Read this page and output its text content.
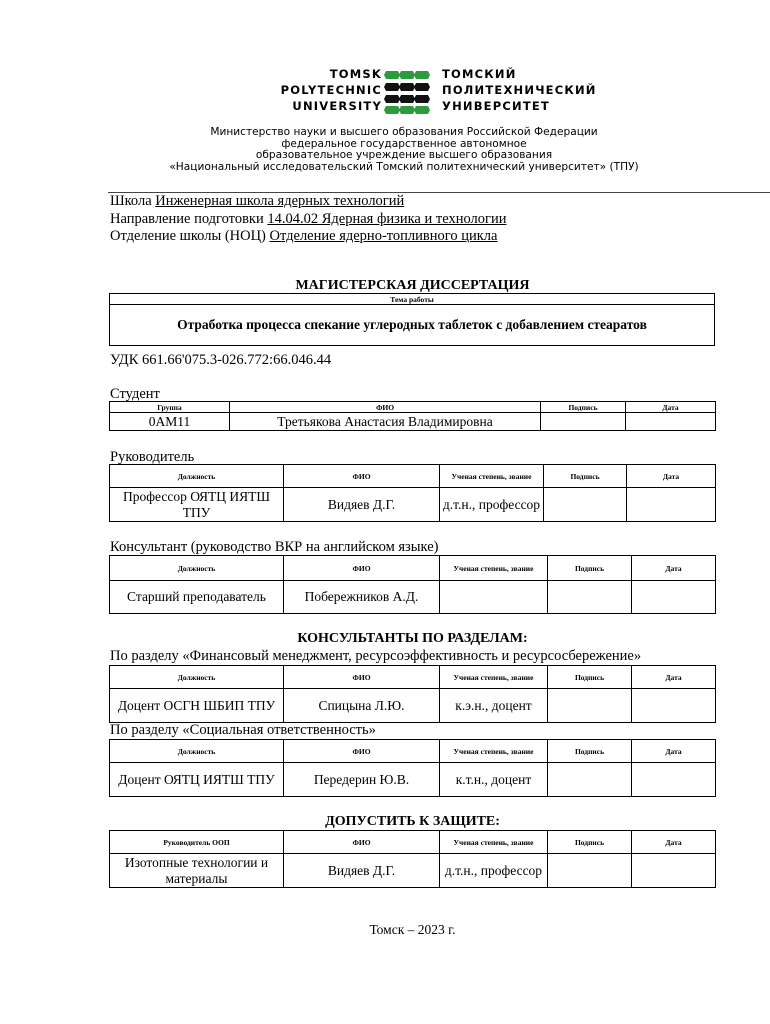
TOMSK
POLYTECHNIC
UNIVERSITY
ТОМСКИЙ
ПОЛИТЕХНИЧЕСКИЙ
УНИВЕРСИТЕТ
Министерство науки и высшего образования Российской Федерации
федеральное государственное автономное
образовательное учреждение высшего образования
«Национальный исследовательский Томский политехнический университет» (ТПУ)
Школа Инженерная школа ядерных технологий
Направление подготовки 14.04.02 Ядерная физика и технологии
Отделение школы (НОЦ) Отделение ядерно-топливного цикла
МАГИСТЕРСКАЯ ДИССЕРТАЦИЯ
Тема работы
Отработка процесса спекание углеродных таблеток с добавлением стеаратов
УДК 661.66'075.3-026.772:66.046.44
Студент
Группа	ФИО	Подпись	Дата
0АМ11	Третьякова Анастасия Владимировна		
Руководитель
Должность	ФИО	Ученая степень, звание	Подпись	Дата
Профессор ОЯТЦ ИЯТШ ТПУ	Видяев Д.Г.	д.т.н., профессор		
Консультант (руководство ВКР на английском языке)
Должность	ФИО	Ученая степень, звание	Подпись	Дата
Старший преподаватель	Побережников А.Д.			
КОНСУЛЬТАНТЫ ПО РАЗДЕЛАМ:
По разделу «Финансовый менеджмент, ресурсоэффективность и ресурсосбережение»
Должность	ФИО	Ученая степень, звание	Подпись	Дата
Доцент ОСГН ШБИП ТПУ	Спицына Л.Ю.	к.э.н., доцент		
По разделу «Социальная ответственность»
Должность	ФИО	Ученая степень, звание	Подпись	Дата
Доцент ОЯТЦ ИЯТШ ТПУ	Передерин Ю.В.	к.т.н., доцент		
ДОПУСТИТЬ К ЗАЩИТЕ:
Руководитель ООП	ФИО	Ученая степень, звание	Подпись	Дата
Изотопные технологии и материалы	Видяев Д.Г.	д.т.н., профессор		
Томск – 2023 г.
